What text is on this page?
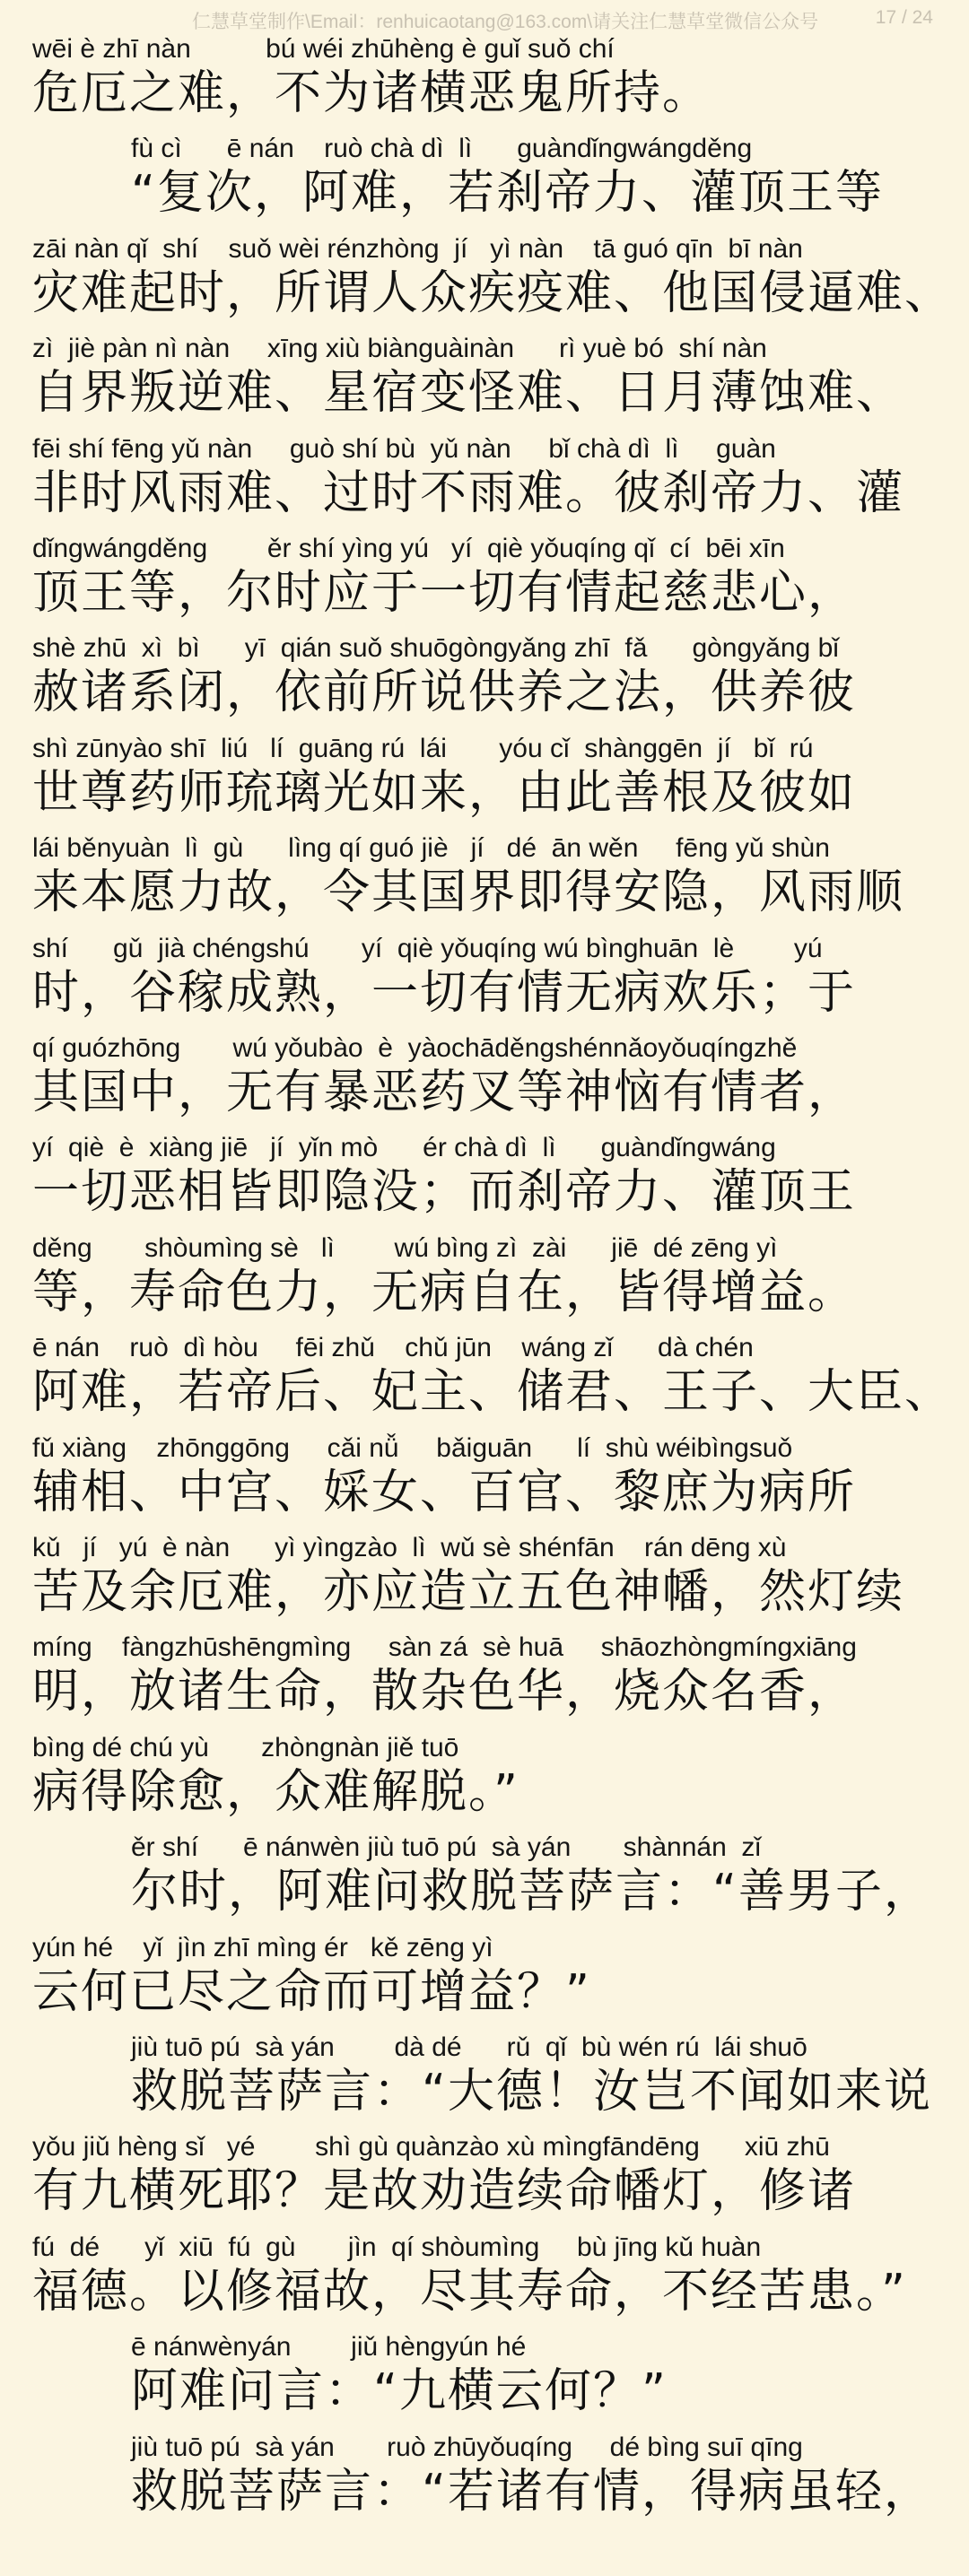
仁慧草堂制作\Email：renhuicaotang@163.com\请关注仁慧草堂微信公众号	17 / 24
wēi è zhī nàn          bú wéi zhūhèng è guǐ suǒ chí
危厄之难，不为诸横恶鬼所持。
fù cì      ē nán    ruò chà dì  lì      guàndǐngwángděng
“复次，阿难，若刹帝力、灌顶王等
zāi nàn qǐ  shí    suǒ wèi rénzhòng  jí   yì nàn    tā guó qīn  bī nàn
灾难起时，所谓人众疾疫难、他国侵逼难、
zì  jiè pàn nì nàn     xīng xiù biànguàinàn      rì yuè bó  shí nàn
自界叛逆难、星宿变怪难、日月薄蚀难、
fēi shí fēng yǔ nàn     guò shí bù  yǔ nàn     bǐ chà dì  lì     guàn
非时风雨难、过时不雨难。彼刹帝力、灌
dǐngwángděng        ěr shí yìng yú   yí  qiè yǒuqíng qǐ  cí  bēi xīn
顶王等，尔时应于一切有情起慈悲心，
shè zhū  xì  bì      yī  qián suǒ shuōgòngyǎng zhī  fǎ      gòngyǎng bǐ
赦诸系闭，依前所说供养之法，供养彼
shì zūnyào shī  liú   lí  guāng rú  lái       yóu cǐ  shànggēn  jí   bǐ  rú
世尊药师琉璃光如来，由此善根及彼如
lái běnyuàn  lì  gù      lìng qí guó jiè   jí   dé  ān wěn     fēng yǔ shùn
来本愿力故，令其国界即得安隐，风雨顺
shí      gǔ  jià chéngshú       yí  qiè yǒuqíng wú bìnghuān  lè        yú
时，谷稼成熟，一切有情无病欢乐；于
qí guózhōng       wú yǒubào  è  yàochāděngshénnǎoyǒuqíngzhě
其国中，无有暴恶药叉等神恼有情者，
yí  qiè  è  xiàng jiē   jí  yǐn mò      ér chà dì  lì      guàndǐngwáng
一切恶相皆即隐没；而刹帝力、灌顶王
děng       shòumìng sè   lì        wú bìng zì  zài      jiē  dé zēng yì
等，寿命色力，无病自在，皆得增益。
ē nán    ruò  dì hòu     fēi zhǔ    chǔ jūn    wáng zǐ      dà chén
阿难，若帝后、妃主、储君、王子、大臣、
fǔ xiàng    zhōnggōng     cǎi nǚ     bǎiguān      lí  shù wéibìngsuǒ
辅相、中宫、婇女、百官、黎庶为病所
kǔ   jí   yú  è nàn      yì yìngzào  lì  wǔ sè shénfān    rán dēng xù
苦及余厄难，亦应造立五色神幡，然灯续
míng    fàngzhūshēngmìng     sàn zá  sè huā     shāozhòngmíngxiāng
明，放诸生命，散杂色华，烧众名香，
bìng dé chú yù       zhòngnàn jiě tuō
病得除愈，众难解脱。”
ěr shí      ē nánwèn jiù tuō pú  sà yán       shànnán  zǐ
尔时，阿难问救脱菩萨言：“善男子，
yún hé    yǐ  jìn zhī mìng ér   kě zēng yì
云何已尽之命而可增益？”
jiù tuō pú  sà yán        dà dé      rǔ  qǐ  bù wén rú  lái shuō
救脱菩萨言：“大德！汝岂不闻如来说
yǒu jiǔ hèng sǐ   yé        shì gù quànzào xù mìngfāndēng      xiū zhū
有九横死耶？是故劝造续命幡灯，修诸
fú  dé      yǐ  xiū  fú  gù       jìn  qí shòumìng     bù jīng kǔ huàn
福德。以修福故，尽其寿命，不经苦患。”
ē nánwènyán        jiǔ hèngyún hé
阿难问言：“九横云何？”
jiù tuō pú  sà yán       ruò zhūyǒuqíng     dé bìng suī qīng
救脱菩萨言：“若诸有情，得病虽轻，
